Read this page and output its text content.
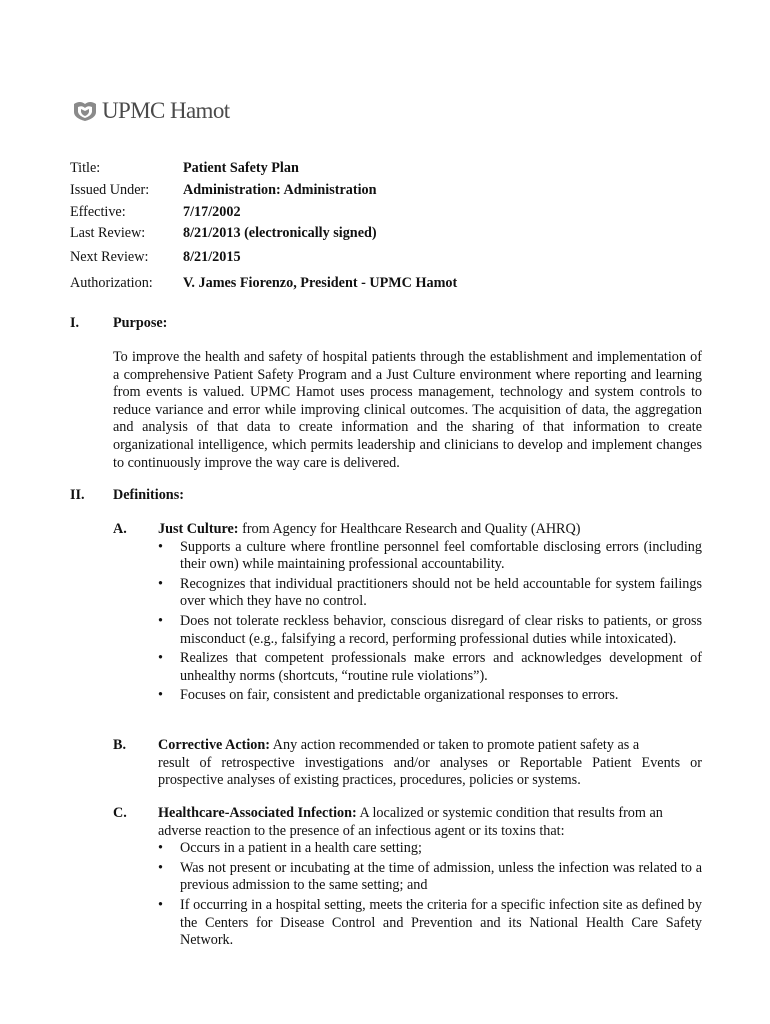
UPMC Hamot
Title:	Patient Safety Plan
Issued Under:	Administration: Administration
Effective:	7/17/2002
Last Review:	8/21/2013 (electronically signed)
Next Review:	8/21/2015
Authorization:	V. James Fiorenzo, President - UPMC Hamot
I.	Purpose:
To improve the health and safety of hospital patients through the establishment and implementation of a comprehensive Patient Safety Program and a Just Culture environment where reporting and learning from events is valued. UPMC Hamot uses process management, technology and system controls to reduce variance and error while improving clinical outcomes. The acquisition of data, the aggregation and analysis of that data to create information and the sharing of that information to create organizational intelligence, which permits leadership and clinicians to develop and implement changes to continuously improve the way care is delivered.
II.	Definitions:
A.	Just Culture: from Agency for Healthcare Research and Quality (AHRQ)
• Supports a culture where frontline personnel feel comfortable disclosing errors (including their own) while maintaining professional accountability.
• Recognizes that individual practitioners should not be held accountable for system failings over which they have no control.
• Does not tolerate reckless behavior, conscious disregard of clear risks to patients, or gross misconduct (e.g., falsifying a record, performing professional duties while intoxicated).
• Realizes that competent professionals make errors and acknowledges development of unhealthy norms (shortcuts, “routine rule violations”).
• Focuses on fair, consistent and predictable organizational responses to errors.
B.	Corrective Action: Any action recommended or taken to promote patient safety as a
result of retrospective investigations and/or analyses or Reportable Patient Events or prospective analyses of existing practices, procedures, policies or systems.
C.	Healthcare-Associated Infection: A localized or systemic condition that results from an
adverse reaction to the presence of an infectious agent or its toxins that:
• Occurs in a patient in a health care setting;
• Was not present or incubating at the time of admission, unless the infection was related to a previous admission to the same setting; and
• If occurring in a hospital setting, meets the criteria for a specific infection site as defined by the Centers for Disease Control and Prevention and its National Health Care Safety Network.
